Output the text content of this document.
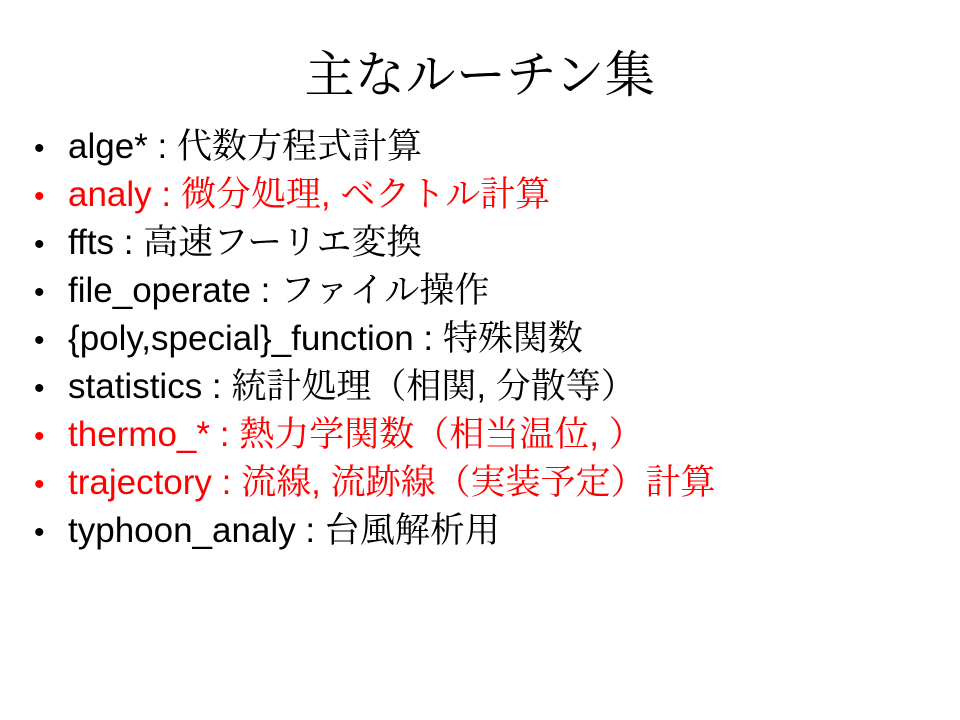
主なルーチン集
• alge* : 代数方程式計算
• analy : 微分処理, ベクトル計算
• ffts : 高速フーリエ変換
• file_operate : ファイル操作
• {poly,special}_function : 特殊関数
• statistics : 統計処理（相関, 分散等）
• thermo_* : 熱力学関数（相当温位, ）
• trajectory : 流線, 流跡線（実装予定）計算
• typhoon_analy : 台風解析用
